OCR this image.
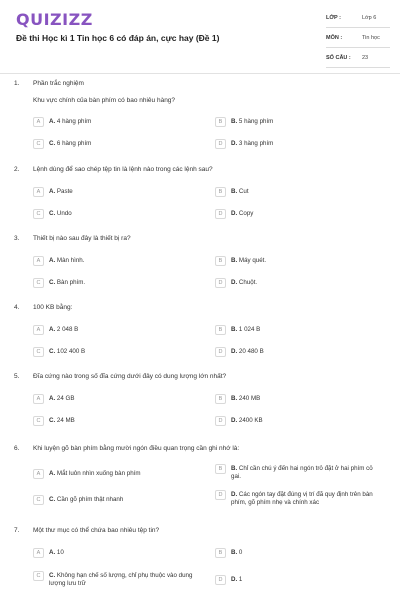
QUIZIZZ
Đề thi Học kì 1 Tin học 6 có đáp án, cực hay (Đề 1)
LỚP :	Lớp 6
MÔN :	Tin học
SỐ CÂU : 23
1. Phần trắc nghiệm
Khu vực chính của bàn phím có bao nhiêu hàng?
A	A. 4 hàng phím	B	B. 5 hàng phím
C	C. 6 hàng phím	D	D. 3 hàng phím
2. Lệnh dùng để sao chép tệp tin là lệnh nào trong các lệnh sau?
A	A. Paste	B	B. Cut
C	C. Undo	D	D. Copy
3. Thiết bị nào sau đây là thiết bị ra?
A	A. Màn hình.	B	B. Máy quét.
C	C. Bàn phím.	D	D. Chuột.
4. 100 KB bằng:
A	A. 2 048 B	B	B. 1 024 B
C	C. 102 400 B	D	D. 20 480 B
5. Đĩa cứng nào trong số đĩa cứng dưới đây có dung lượng lớn nhất?
A	A. 24 GB	B	B. 240 MB
C	C. 24 MB	D	D. 2400 KB
6. Khi luyện gõ bàn phím bằng mười ngón điều quan trọng cần ghi nhớ là:
A	A. Mắt luôn nhìn xuống bàn phím
B	B. Chỉ cần chú ý đến hai ngón trỏ đặt ở hai phím cỏ gai.
C	C. Cần gõ phím thật nhanh
D	D. Các ngón tay đặt đúng vị trí đã quy định trên bàn phím, gõ phím nhẹ và chính xác
7. Một thư mục có thể chứa bao nhiêu tệp tin?
A	A. 10	B	B. 0
C	C. Không hạn chế số lượng, chỉ phụ thuộc vào dung lượng lưu trữ	D	D. 1
